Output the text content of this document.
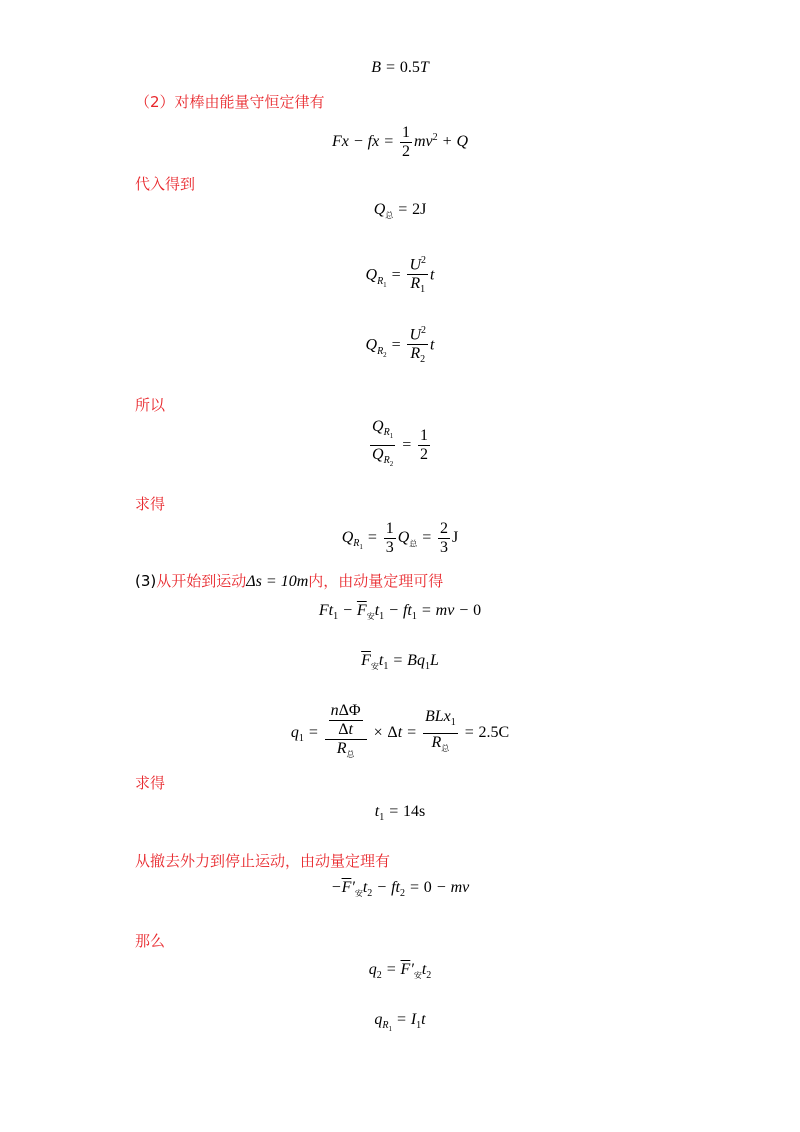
B = 0.5T
（2）对棒由能量守恒定律有
Fx − fx = $\frac{1}{2} mv^2 + Q$
代入得到
$Q_总 = 2J$
$Q_{R_1} = \frac{U^2}{R_1}$ t
$Q_{R_2} = \frac{U^2}{R_2}$ t
所以
$\frac{Q_{R_1}}{Q_{R_2}} = \frac{1}{2}$
求得
$Q_{R_1} = \frac{1}{3} Q_总 = \frac{2}{3}$ J
(3)从开始到运动Δs = 10m内，由动量定理可得
$Ft_1 - \overline{F}_安t_1 - ft_1$ = mv − 0
$\overline{F}_安t_1 = Bq_1L$
$q_1 = \frac{\frac{\text{nΔΦ}}{\Delta t}}{R_总} \times \Delta t = \frac{BLx_1}{R_总} = 2.5C$
求得
$t_1 = 14s$
从撤去外力到停止运动，由动量定理有
$-\overline{F}'_安t_2 - ft_2 = 0$ − mv
那么
$q_2 = \overline{F}'_安t_2$
$q_{R_1} = I_1t$
